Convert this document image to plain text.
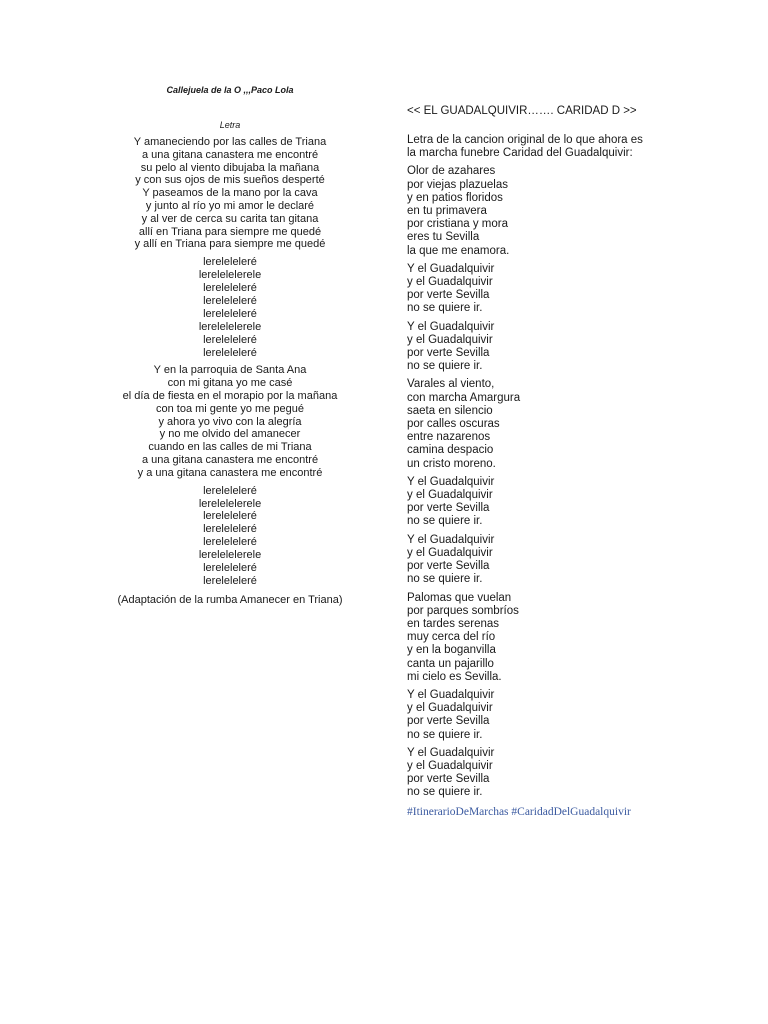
Callejuela de la O ,,,Paco Lola

Letra

Y amaneciendo por las calles de Triana
a una gitana canastera me encontré
su pelo al viento dibujaba la mañana
y con sus ojos de mis sueños desperté
Y paseamos de la mano por la cava
y junto al río yo mi amor le declaré
y al ver de cerca su carita tan gitana
allí en Triana para siempre me quedé
y allí en Triana para siempre me quedé
lereleleleré
lerelelelerele
lereleleleré
lereleleleré
lereleleleré
lerelelelerele
lereleleleré
lereleleleré
Y en la parroquia de Santa Ana
con mi gitana yo me casé
el día de fiesta en el morapio por la mañana
con toa mi gente yo me pegué
y ahora yo vivo con la alegría
y no me olvido del amanecer
cuando en las calles de mi Triana
a una gitana canastera me encontré
y a una gitana canastera me encontré
lereleleleré
lerelelelerele
lereleleleré
lereleleleré
lereleleleré
lerelelelerele
lereleleleré
lereleleleré
(Adaptación de la rumba Amanecer en Triana)

<< EL GUADALQUIVIR……. CARIDAD D >>

Letra de la cancion original de lo que ahora es
la marcha funebre Caridad del Guadalquivir:
Olor de azahares
por viejas plazuelas
y en patios floridos
en tu primavera
por cristiana y mora
eres tu Sevilla
la que me enamora.
Y el Guadalquivir
y el Guadalquivir
por verte Sevilla
no se quiere ir.
Y el Guadalquivir
y el Guadalquivir
por verte Sevilla
no se quiere ir.
Varales al viento,
con marcha Amargura
saeta en silencio
por calles oscuras
entre nazarenos
camina despacio
un cristo moreno.
Y el Guadalquivir
y el Guadalquivir
por verte Sevilla
no se quiere ir.
Y el Guadalquivir
y el Guadalquivir
por verte Sevilla
no se quiere ir.
Palomas que vuelan
por parques sombríos
en tardes serenas
muy cerca del río
y en la boganvilla
canta un pajarillo
mi cielo es Sevilla.
Y el Guadalquivir
y el Guadalquivir
por verte Sevilla
no se quiere ir.
Y el Guadalquivir
y el Guadalquivir
por verte Sevilla
no se quiere ir.
#ItinerarioDeMarchas #CaridadDelGuadalquivir
